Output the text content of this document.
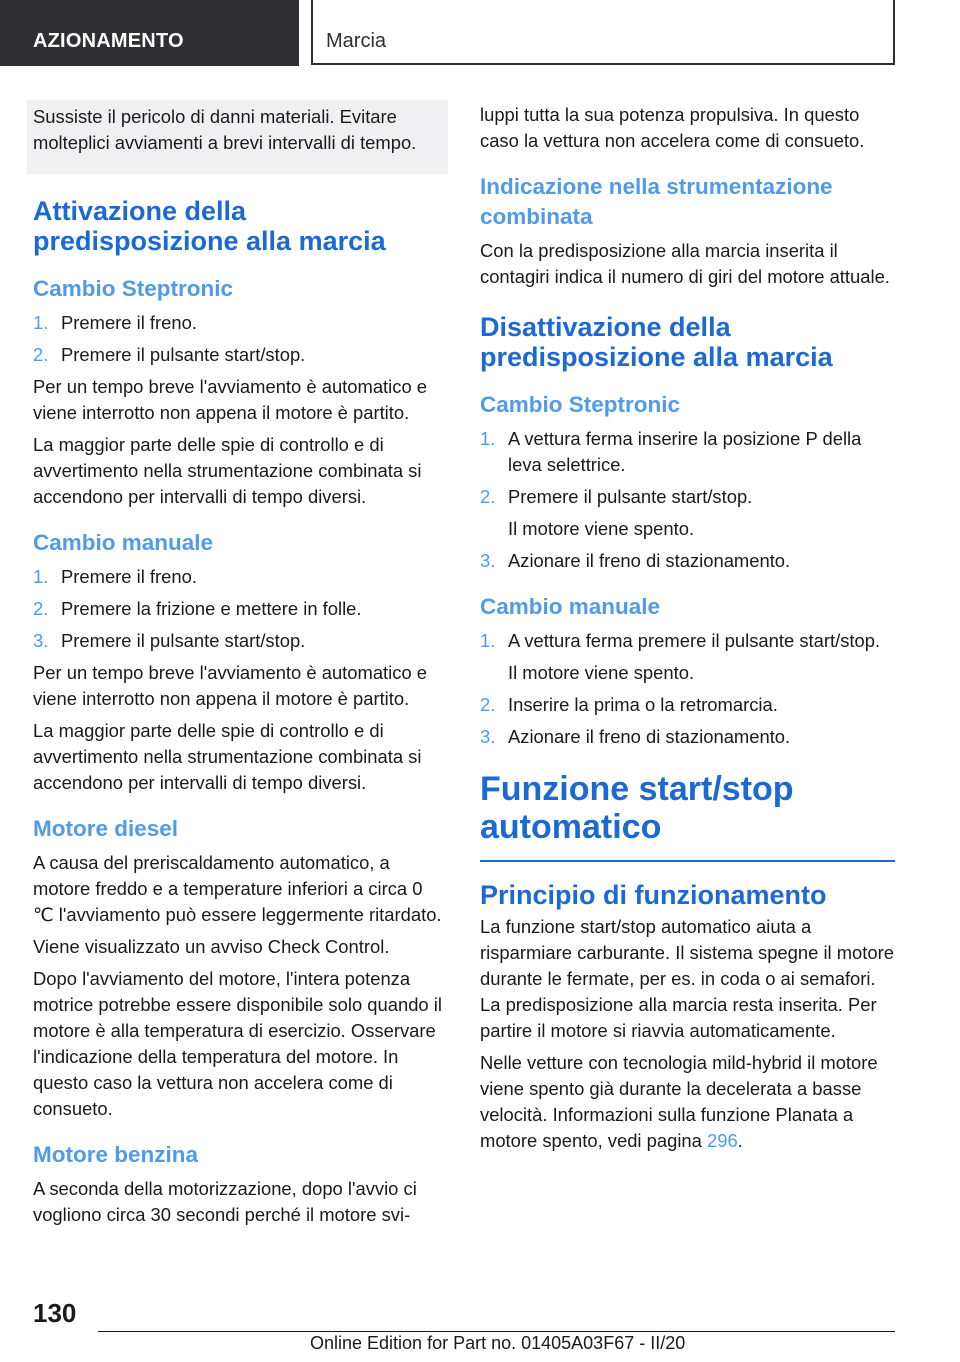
AZIONAMENTO	Marcia

Sussiste il pericolo di danni materiali. Evitare molteplici avviamenti a brevi intervalli di tempo.

Attivazione della predisposizione alla marcia
Cambio Steptronic
1. Premere il freno.
2. Premere il pulsante start/stop.

Per un tempo breve l'avviamento è automatico e viene interrotto non appena il motore è partito.

La maggior parte delle spie di controllo e di avvertimento nella strumentazione combinata si accendono per intervalli di tempo diversi.

Cambio manuale
1. Premere il freno.
2. Premere la frizione e mettere in folle.
3. Premere il pulsante start/stop.

Per un tempo breve l'avviamento è automatico e viene interrotto non appena il motore è partito.

La maggior parte delle spie di controllo e di avvertimento nella strumentazione combinata si accendono per intervalli di tempo diversi.

Motore diesel

A causa del preriscaldamento automatico, a motore freddo e a temperature inferiori a circa 0 ℃ l'avviamento può essere leggermente ritardato.

Viene visualizzato un avviso Check Control.

Dopo l'avviamento del motore, l'intera potenza motrice potrebbe essere disponibile solo quando il motore è alla temperatura di esercizio. Osservare l'indicazione della temperatura del motore. In questo caso la vettura non accelera come di consueto.

Motore benzina

A seconda della motorizzazione, dopo l'avvio ci vogliono circa 30 secondi perché il motore svi-

luppi tutta la sua potenza propulsiva. In questo caso la vettura non accelera come di consueto.

Indicazione nella strumentazione combinata

Con la predisposizione alla marcia inserita il contagiri indica il numero di giri del motore attuale.

Disattivazione della predisposizione alla marcia
Cambio Steptronic
1. A vettura ferma inserire la posizione P della leva selettrice.
2. Premere il pulsante start/stop.
Il motore viene spento.
3. Azionare il freno di stazionamento.
Cambio manuale
1. A vettura ferma premere il pulsante start/stop.
Il motore viene spento.
2. Inserire la prima o la retromarcia.
3. Azionare il freno di stazionamento.
Funzione start/stop automatico
Principio di funzionamento

La funzione start/stop automatico aiuta a risparmiare carburante. Il sistema spegne il motore durante le fermate, per es. in coda o ai semafori. La predisposizione alla marcia resta inserita. Per partire il motore si riavvia automaticamente.

Nelle vetture con tecnologia mild-hybrid il motore viene spento già durante la decelerata a basse velocità. Informazioni sulla funzione Planata a motore spento, vedi pagina 296.

130
Online Edition for Part no. 01405A03F67 - II/20
